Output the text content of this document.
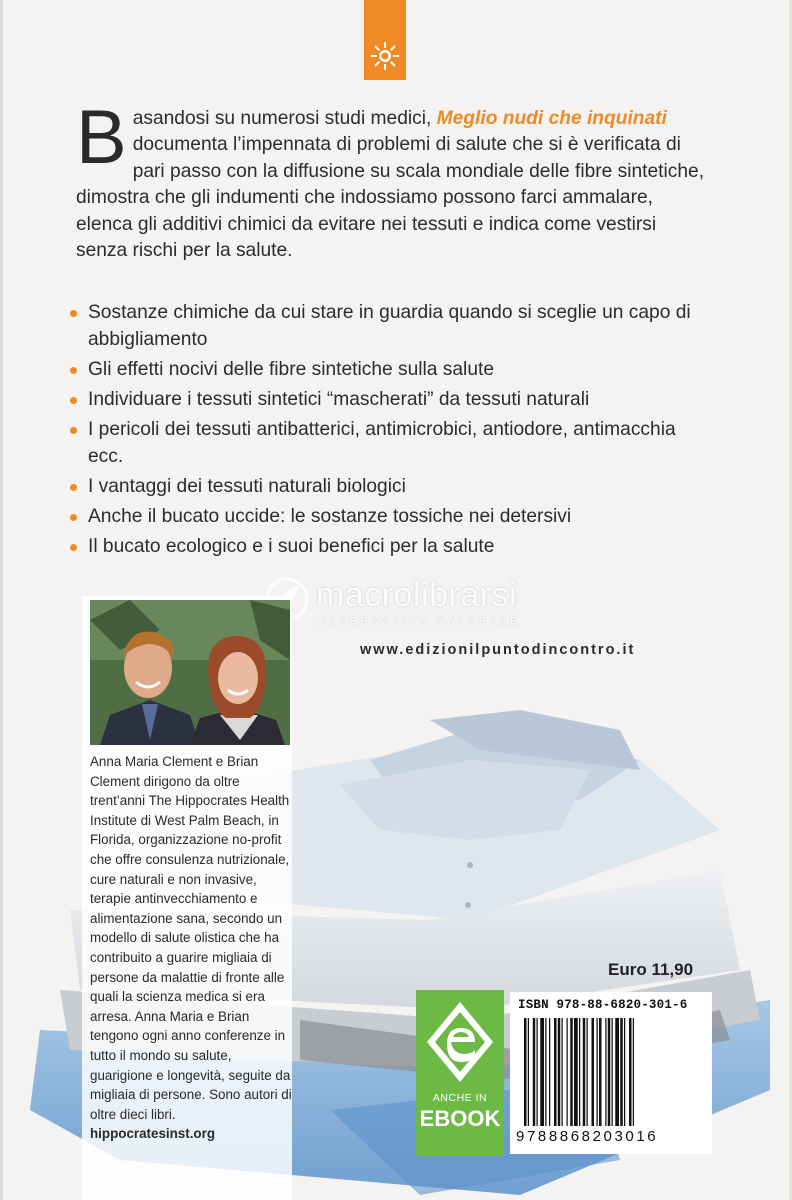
Basandosi su numerosi studi medici, Meglio nudi che inquinati documenta l’impennata di problemi di salute che si è verificata di pari passo con la diffusione su scala mondiale delle fibre sintetiche, dimostra che gli indumenti che indossiamo possono farci ammalare, elenca gli additivi chimici da evitare nei tessuti e indica come vestirsi senza rischi per la salute.
Sostanze chimiche da cui stare in guardia quando si sceglie un capo di abbigliamento
Gli effetti nocivi delle fibre sintetiche sulla salute
Individuare i tessuti sintetici “mascherati” da tessuti naturali
I pericoli dei tessuti antibatterici, antimicrobici, antiodore, antimacchia ecc.
I vantaggi dei tessuti naturali biologici
Anche il bucato uccide: le sostanze tossiche nei detersivi
Il bucato ecologico e i suoi benefici per la salute
macrolibrarsi
ALTERNATIVA NATURALE
www.edizionilpuntodincontro.it
Anna Maria Clement e Brian Clement dirigono da oltre trent’anni The Hippocrates Health Institute di West Palm Beach, in Florida, organizzazione no-profit che offre consulenza nutrizionale, cure naturali e non invasive, terapie antinvecchiamento e alimentazione sana, secondo un modello di salute olistica che ha contribuito a guarire migliaia di persone da malattie di fronte alle quali la scienza medica si era arresa. Anna Maria e Brian tengono ogni anno conferenze in tutto il mondo su salute, guarigione e longevità, seguite da migliaia di persone. Sono autori di oltre dieci libri.
hippocratesinst.org
Euro 11,90
ANCHE IN
EBOOK
ISBN 978-88-6820-301-6
9788868203016
